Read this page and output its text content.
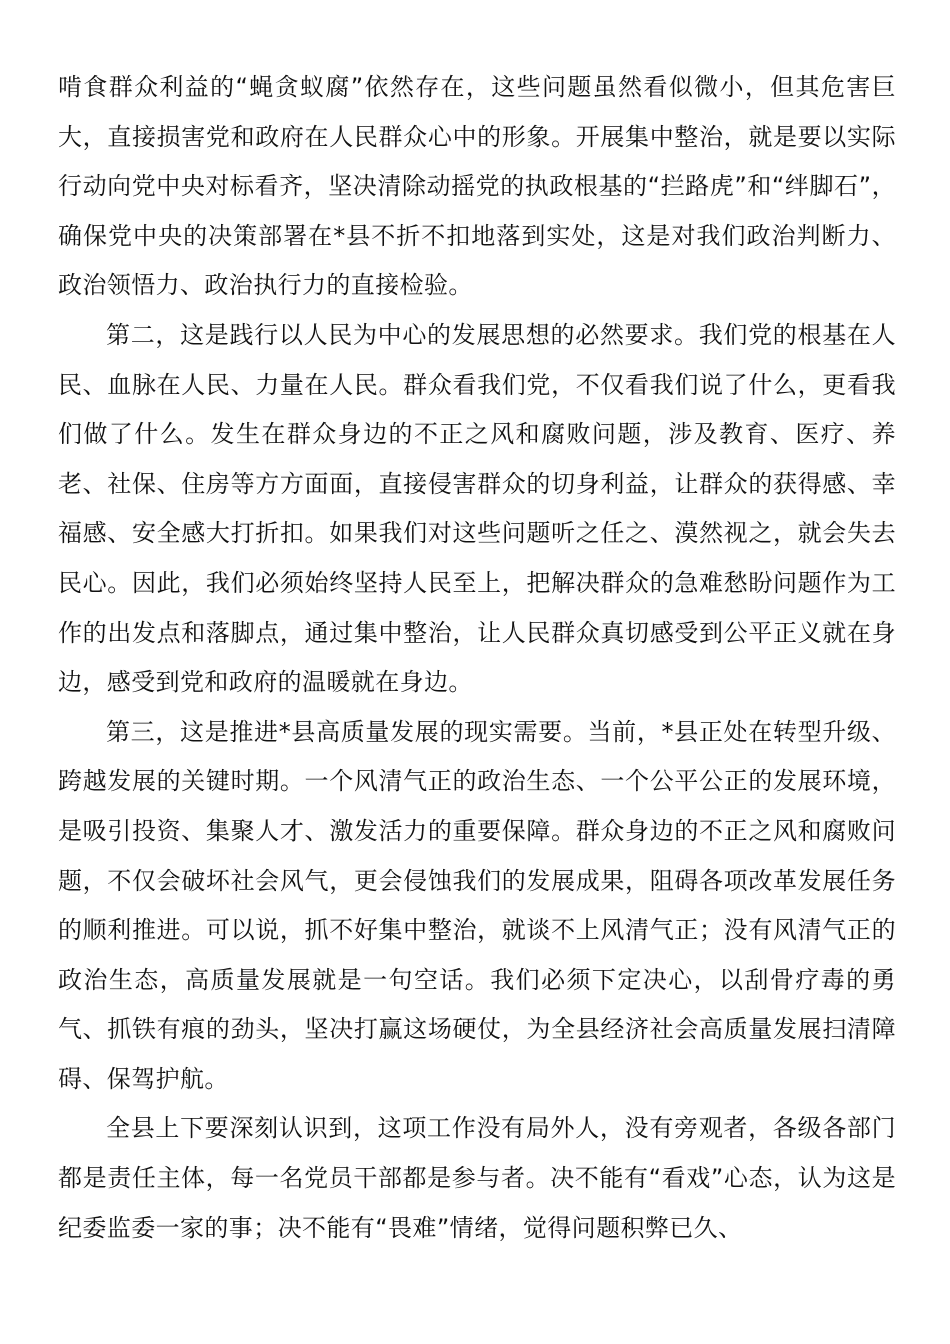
啃食群众利益的“蝇贪蚁腐”依然存在，这些问题虽然看似微小，但其危害巨大，直接损害党和政府在人民群众心中的形象。开展集中整治，就是要以实际行动向党中央对标看齐，坚决清除动摇党的执政根基的“拦路虎”和“绊脚石”，确保党中央的决策部署在*县不折不扣地落到实处，这是对我们政治判断力、政治领悟力、政治执行力的直接检验。

第二，这是践行以人民为中心的发展思想的必然要求。我们党的根基在人民、血脉在人民、力量在人民。群众看我们党，不仅看我们说了什么，更看我们做了什么。发生在群众身边的不正之风和腐败问题，涉及教育、医疗、养老、社保、住房等方方面面，直接侵害群众的切身利益，让群众的获得感、幸福感、安全感大打折扣。如果我们对这些问题听之任之、漠然视之，就会失去民心。因此，我们必须始终坚持人民至上，把解决群众的急难愁盼问题作为工作的出发点和落脚点，通过集中整治，让人民群众真切感受到公平正义就在身边，感受到党和政府的温暖就在身边。

第三，这是推进*县高质量发展的现实需要。当前，*县正处在转型升级、跨越发展的关键时期。一个风清气正的政治生态、一个公平公正的发展环境，是吸引投资、集聚人才、激发活力的重要保障。群众身边的不正之风和腐败问题，不仅会破坏社会风气，更会侵蚀我们的发展成果，阻碍各项改革发展任务的顺利推进。可以说，抓不好集中整治，就谈不上风清气正；没有风清气正的政治生态，高质量发展就是一句空话。我们必须下定决心，以刮骨疗毒的勇气、抓铁有痕的劲头，坚决打赢这场硬仗，为全县经济社会高质量发展扫清障碍、保驾护航。

全县上下要深刻认识到，这项工作没有局外人，没有旁观者，各级各部门都是责任主体，每一名党员干部都是参与者。决不能有“看戏”心态，认为这是纪委监委一家的事；决不能有“畏难”情绪，觉得问题积弊已久、
